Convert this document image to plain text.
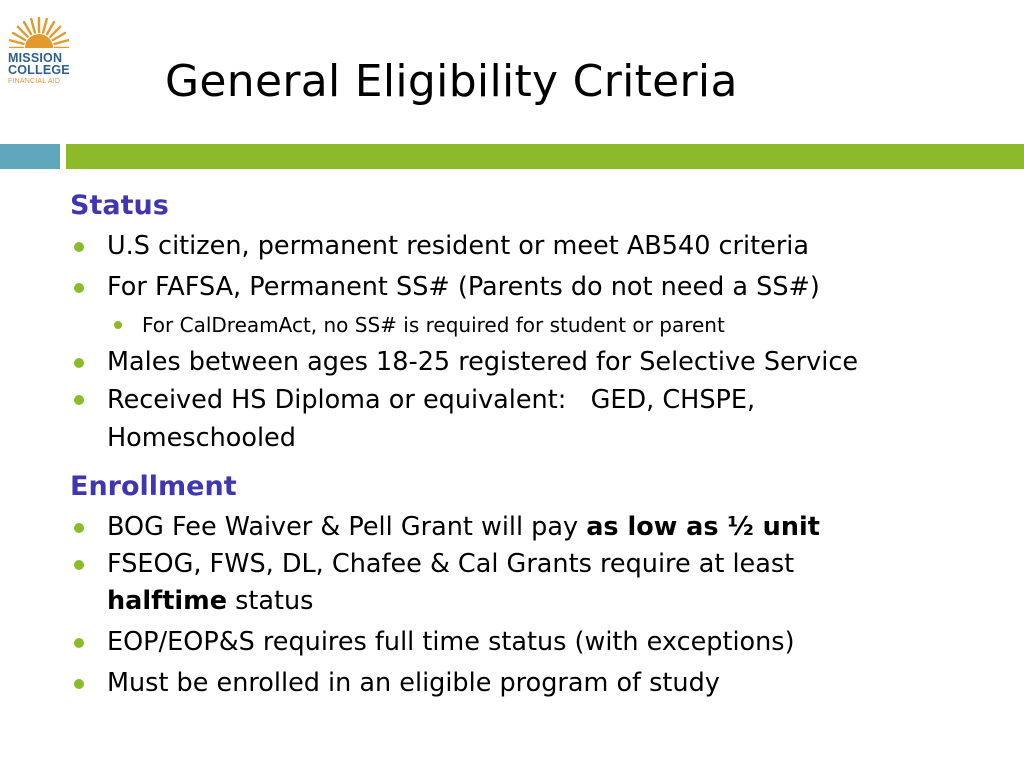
MISSION
COLLEGE
FINANCIAL AID General Eligibility Criteria
Status
U.S citizen, permanent resident or meet AB540 criteria
For FAFSA, Permanent SS# (Parents do not need a SS#)
For CalDreamAct, no SS# is required for student or parent
Males between ages 18-25 registered for Selective Service
Received HS Diploma or equivalent:   GED, CHSPE, Homeschooled
Enrollment
BOG Fee Waiver & Pell Grant will pay as low as ½ unit
FSEOG, FWS, DL, Chafee & Cal Grants require at least halftime status
EOP/EOP&S requires full time status (with exceptions)
Must be enrolled in an eligible program of study
